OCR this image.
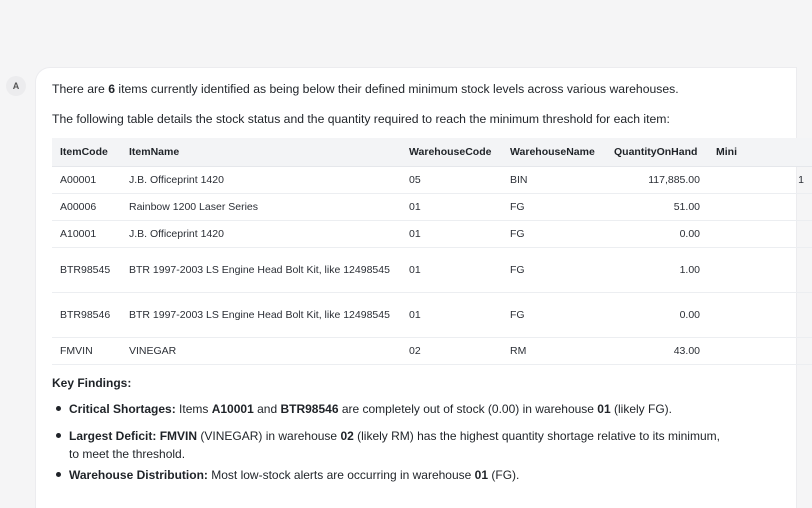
A	There are 6 items currently identified as being below their defined minimum stock levels across various warehouses.
The following table details the stock status and the quantity required to reach the minimum threshold for each item:
ItemCode	ItemName	WarehouseCode	WarehouseName	QuantityOnHand	Mini
A00001	J.B. Officeprint 1420	05	BIN	117,885.00	1
A00006	Rainbow 1200 Laser Series	01	FG	51.00	
A10001	J.B. Officeprint 1420	01	FG	0.00	
BTR98545	BTR 1997-2003 LS Engine Head Bolt Kit, like 12498545	01	FG	1.00	
BTR98546	BTR 1997-2003 LS Engine Head Bolt Kit, like 12498545	01	FG	0.00	
FMVIN	VINEGAR	02	RM	43.00	
Key Findings:
Critical Shortages: Items A10001 and BTR98546 are completely out of stock (0.00) in warehouse 01 (likely FG).
Largest Deficit: FMVIN (VINEGAR) in warehouse 02 (likely RM) has the highest quantity shortage relative to its minimum,
Warehouse Distribution: Most low-stock alerts are occurring in warehouse 01 (FG).
to meet the threshold.
